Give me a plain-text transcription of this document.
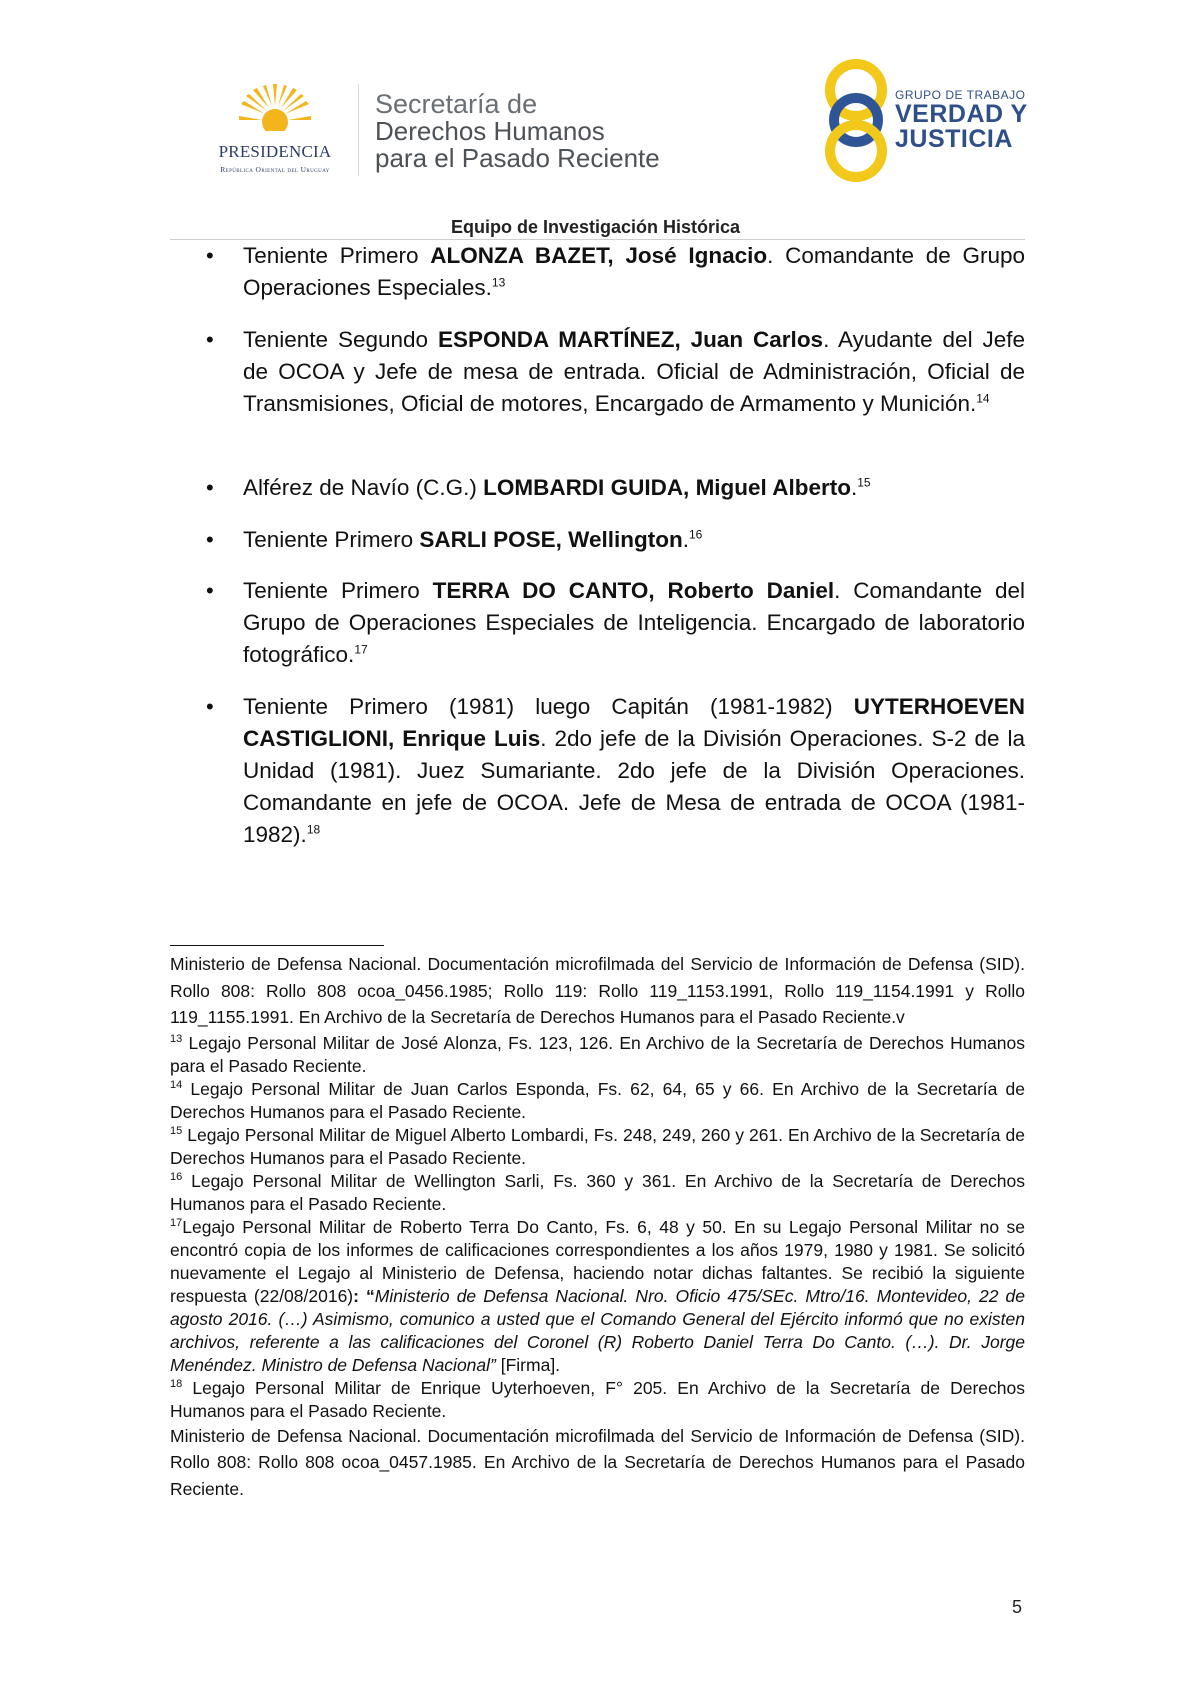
PRESIDENCIA
República Oriental del Uruguay
Secretaría de
Derechos Humanos
para el Pasado Reciente
GRUPO DE TRABAJO
VERDAD Y
JUSTICIA
Equipo de Investigación Histórica
• Teniente Primero ALONZA BAZET, José Ignacio. Comandante de Grupo Operaciones Especiales.$^{13}$
• Teniente Segundo ESPONDA MARTÍNEZ, Juan Carlos. Ayudante del Jefe de OCOA y Jefe de mesa de entrada. Oficial de Administración, Oficial de Transmisiones, Oficial de motores, Encargado de Armamento y Munición.$^{14}$
• Alférez de Navío (C.G.) LOMBARDI GUIDA, Miguel Alberto.$^{15}$
• Teniente Primero SARLI POSE, Wellington.$^{16}$
• Teniente Primero TERRA DO CANTO, Roberto Daniel. Comandante del Grupo de Operaciones Especiales de Inteligencia. Encargado de laboratorio fotográfico.$^{17}$
• Teniente Primero (1981) luego Capitán (1981-1982) UYTERHOEVEN CASTIGLIONI, Enrique Luis. 2do jefe de la División Operaciones. S-2 de la Unidad (1981). Juez Sumariante. 2do jefe de la División Operaciones. Comandante en jefe de OCOA. Jefe de Mesa de entrada de OCOA (1981-1982).$^{18}$

Ministerio de Defensa Nacional. Documentación microfilmada del Servicio de Información de Defensa (SID). Rollo 808: Rollo 808 ocoa_0456.1985; Rollo 119: Rollo 119_1153.1991, Rollo 119_1154.1991 y Rollo 119_1155.1991. En Archivo de la Secretaría de Derechos Humanos para el Pasado Reciente.v

$^{13}$ Legajo Personal Militar de José Alonza, Fs. 123, 126. En Archivo de la Secretaría de Derechos Humanos para el Pasado Reciente.

$^{14}$ Legajo Personal Militar de Juan Carlos Esponda, Fs. 62, 64, 65 y 66. En Archivo de la Secretaría de Derechos Humanos para el Pasado Reciente.

$^{15}$ Legajo Personal Militar de Miguel Alberto Lombardi, Fs. 248, 249, 260 y 261. En Archivo de la Secretaría de Derechos Humanos para el Pasado Reciente.

$^{16}$ Legajo Personal Militar de Wellington Sarli, Fs. 360 y 361. En Archivo de la Secretaría de Derechos Humanos para el Pasado Reciente.

$^{17}$Legajo Personal Militar de Roberto Terra Do Canto, Fs. 6, 48 y 50. En su Legajo Personal Militar no se encontró copia de los informes de calificaciones correspondientes a los años 1979, 1980 y 1981. Se solicitó nuevamente el Legajo al Ministerio de Defensa, haciendo notar dichas faltantes. Se recibió la siguiente respuesta (22/08/2016): “Ministerio de Defensa Nacional. Nro. Oficio 475/SEc. Mtro/16. Montevideo, 22 de agosto 2016. (…) Asimismo, comunico a usted que el Comando General del Ejército informó que no existen archivos, referente a las calificaciones del Coronel (R) Roberto Daniel Terra Do Canto. (…). Dr. Jorge Menéndez. Ministro de Defensa Nacional” [Firma].

$^{18}$ Legajo Personal Militar de Enrique Uyterhoeven, F° 205. En Archivo de la Secretaría de Derechos Humanos para el Pasado Reciente.

Ministerio de Defensa Nacional. Documentación microfilmada del Servicio de Información de Defensa (SID). Rollo 808: Rollo 808 ocoa_0457.1985. En Archivo de la Secretaría de Derechos Humanos para el Pasado Reciente.

5
